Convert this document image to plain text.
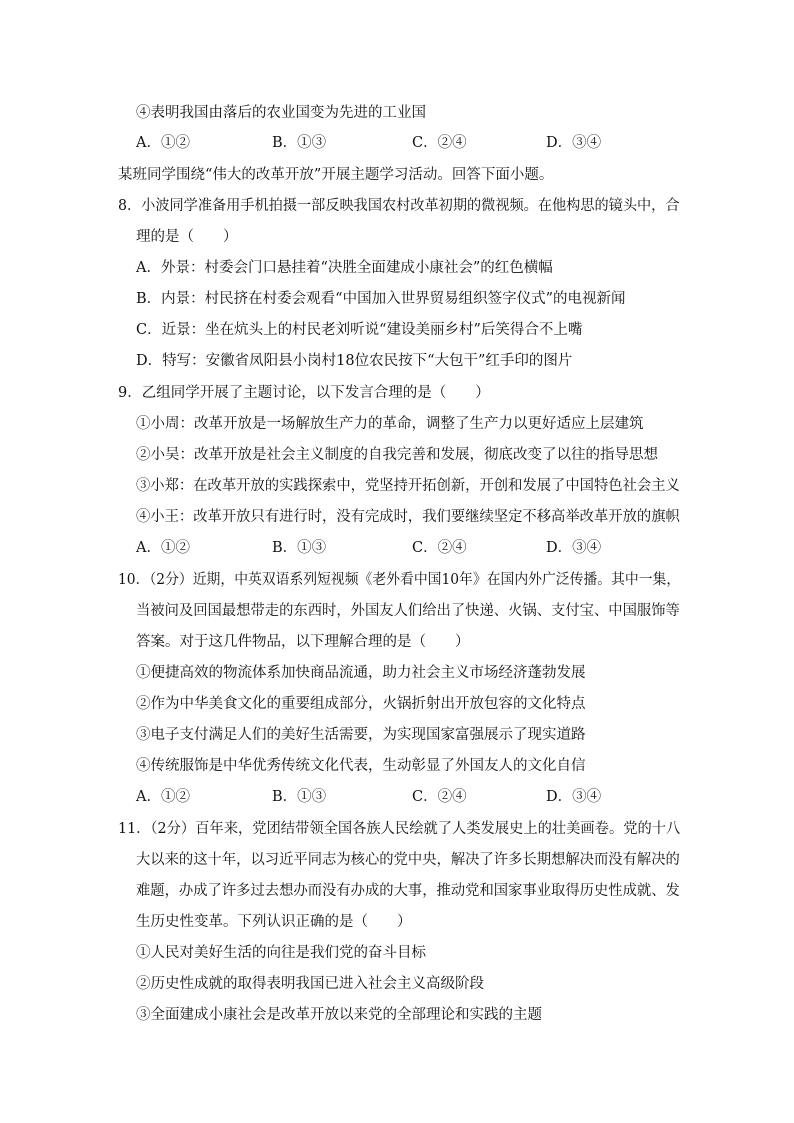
④表明我国由落后的农业国变为先进的工业国
A．①②	B．①③	C．②④	D．③④
某班同学围绕“伟大的改革开放”开展主题学习活动。回答下面小题。
8．小波同学准备用手机拍摄一部反映我国农村改革初期的微视频。在他构思的镜头中，合
理的是（　　）
A．外景：村委会门口悬挂着“决胜全面建成小康社会”的红色横幅
B．内景：村民挤在村委会观看“中国加入世界贸易组织签字仪式”的电视新闻
C．近景：坐在炕头上的村民老刘听说“建设美丽乡村”后笑得合不上嘴
D．特写：安徽省凤阳县小岗村18位农民按下“大包干”红手印的图片
9．乙组同学开展了主题讨论，以下发言合理的是（　　）
①小周：改革开放是一场解放生产力的革命，调整了生产力以更好适应上层建筑
②小吴：改革开放是社会主义制度的自我完善和发展，彻底改变了以往的指导思想
③小郑：在改革开放的实践探索中，党坚持开拓创新，开创和发展了中国特色社会主义
④小王：改革开放只有进行时，没有完成时，我们要继续坚定不移高举改革开放的旗帜
A．①②	B．①③	C．②④	D．③④
10．（2分）近期，中英双语系列短视频《老外看中国10年》在国内外广泛传播。其中一集，
当被问及回国最想带走的东西时，外国友人们给出了快递、火锅、支付宝、中国服饰等
答案。对于这几件物品，以下理解合理的是（　　）
①便捷高效的物流体系加快商品流通，助力社会主义市场经济蓬勃发展
②作为中华美食文化的重要组成部分，火锅折射出开放包容的文化特点
③电子支付满足人们的美好生活需要，为实现国家富强展示了现实道路
④传统服饰是中华优秀传统文化代表，生动彰显了外国友人的文化自信
A．①②	B．①③	C．②④	D．③④
11．（2分）百年来，党团结带领全国各族人民绘就了人类发展史上的壮美画卷。党的十八
大以来的这十年，以习近平同志为核心的党中央，解决了许多长期想解决而没有解决的
难题，办成了许多过去想办而没有办成的大事，推动党和国家事业取得历史性成就、发
生历史性变革。下列认识正确的是（　　）
①人民对美好生活的向往是我们党的奋斗目标
②历史性成就的取得表明我国已进入社会主义高级阶段
③全面建成小康社会是改革开放以来党的全部理论和实践的主题
